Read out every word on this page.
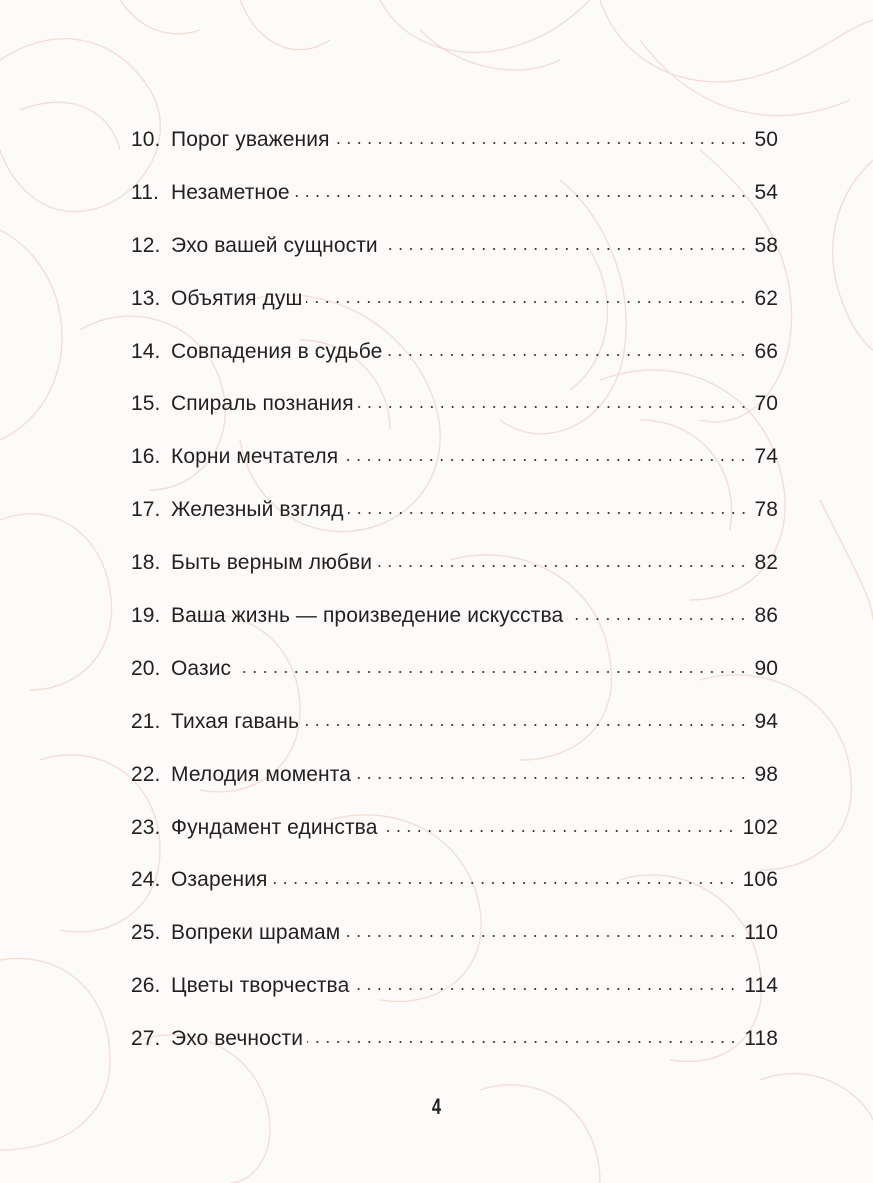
10. Порог уважения	50
11. Незаметное	54
12. Эхо вашей сущности	58
13. Объятия душ	62
14. Совпадения в судьбе	66
15. Спираль познания	70
16. Корни мечтателя	74
17. Железный взгляд	78
18. Быть верным любви	82
19. Ваша жизнь — произведение искусства	86
20. Оазис	90
21. Тихая гавань	94
22. Мелодия момента	98
23. Фундамент единства	102
24. Озарения	106
25. Вопреки шрамам	110
26. Цветы творчества	114
27. Эхо вечности	118
4
